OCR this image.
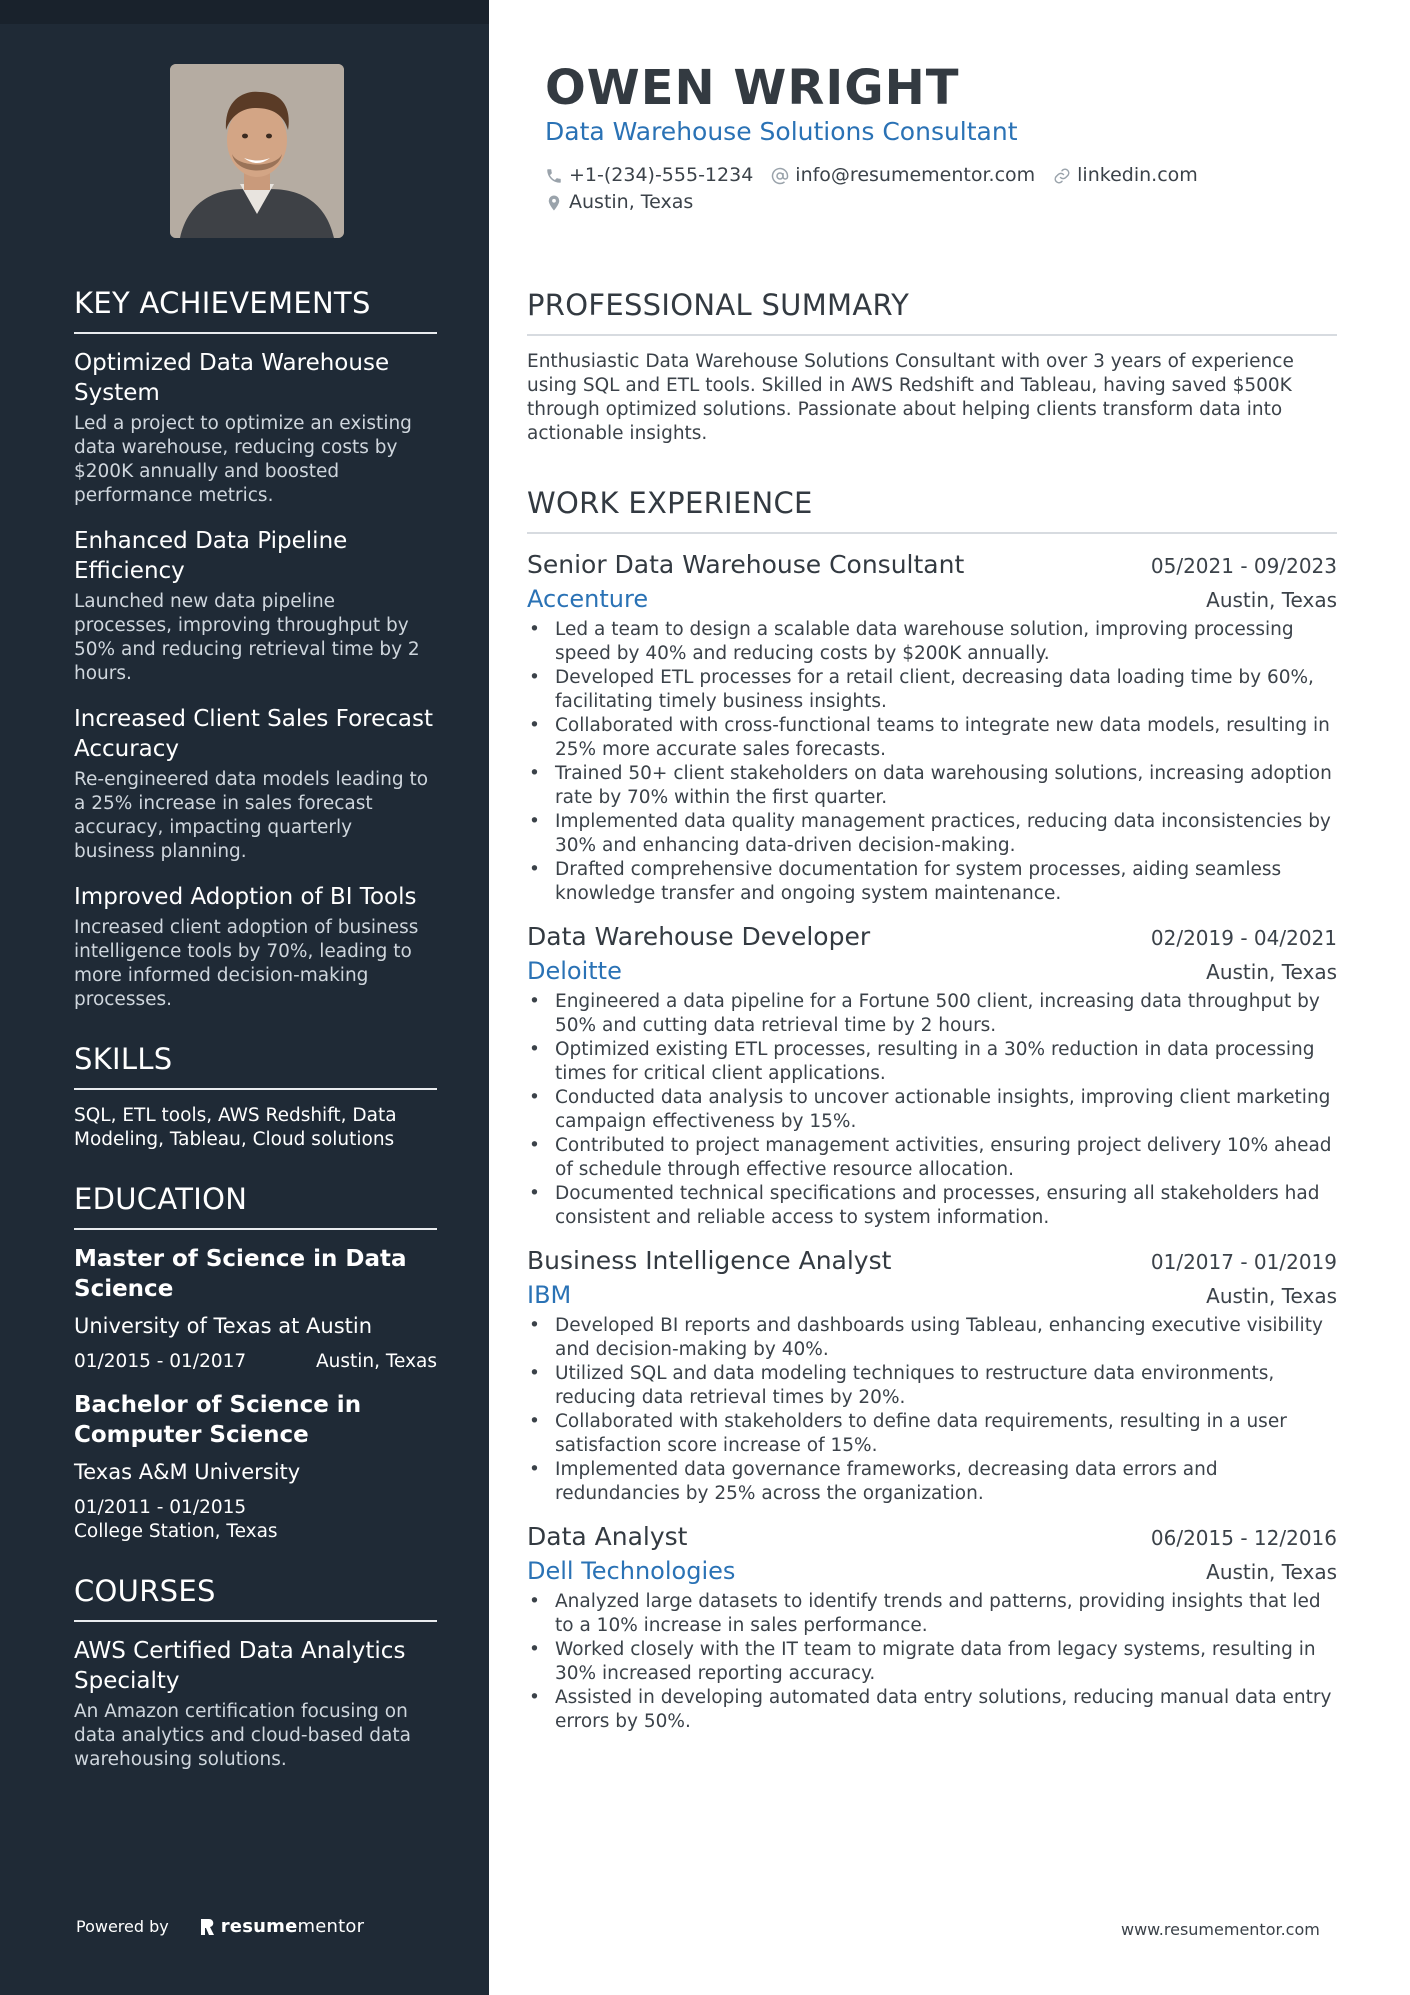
KEY ACHIEVEMENTS
Optimized Data Warehouse System
Led a project to optimize an existing data warehouse, reducing costs by $200K annually and boosted performance metrics.
Enhanced Data Pipeline Efficiency
Launched new data pipeline processes, improving throughput by 50% and reducing retrieval time by 2 hours.
Increased Client Sales Forecast Accuracy
Re-engineered data models leading to a 25% increase in sales forecast accuracy, impacting quarterly business planning.
Improved Adoption of BI Tools
Increased client adoption of business intelligence tools by 70%, leading to more informed decision-making processes.
SKILLS
SQL, ETL tools, AWS Redshift, Data Modeling, Tableau, Cloud solutions
EDUCATION
Master of Science in Data Science
University of Texas at Austin
01/2015 - 01/2017	Austin, Texas
Bachelor of Science in Computer Science
Texas A&M University
01/2011 - 01/2015
College Station, Texas
COURSES
AWS Certified Data Analytics Specialty
An Amazon certification focusing on data analytics and cloud-based data warehousing solutions.
Powered by	resume mentor
OWEN WRIGHT
Data Warehouse Solutions Consultant
+1-(234)-555-1234 info@resumementor.com linkedin.com
Austin, Texas
PROFESSIONAL SUMMARY

Enthusiastic Data Warehouse Solutions Consultant with over 3 years of experience using SQL and ETL tools. Skilled in AWS Redshift and Tableau, having saved $500K through optimized solutions. Passionate about helping clients transform data into actionable insights.

WORK EXPERIENCE
Senior Data Warehouse Consultant	05/2021 - 09/2023
Accenture	Austin, Texas
• Led a team to design a scalable data warehouse solution, improving processing speed by 40% and reducing costs by $200K annually.
• Developed ETL processes for a retail client, decreasing data loading time by 60%, facilitating timely business insights.
• Collaborated with cross-functional teams to integrate new data models, resulting in 25% more accurate sales forecasts.
• Trained 50+ client stakeholders on data warehousing solutions, increasing adoption rate by 70% within the first quarter.
• Implemented data quality management practices, reducing data inconsistencies by 30% and enhancing data-driven decision-making.
• Drafted comprehensive documentation for system processes, aiding seamless knowledge transfer and ongoing system maintenance.
Data Warehouse Developer	02/2019 - 04/2021
Deloitte	Austin, Texas
• Engineered a data pipeline for a Fortune 500 client, increasing data throughput by 50% and cutting data retrieval time by 2 hours.
• Optimized existing ETL processes, resulting in a 30% reduction in data processing times for critical client applications.
• Conducted data analysis to uncover actionable insights, improving client marketing campaign effectiveness by 15%.
• Contributed to project management activities, ensuring project delivery 10% ahead of schedule through effective resource allocation.
• Documented technical specifications and processes, ensuring all stakeholders had consistent and reliable access to system information.
Business Intelligence Analyst	01/2017 - 01/2019
IBM	Austin, Texas
• Developed BI reports and dashboards using Tableau, enhancing executive visibility and decision-making by 40%.
• Utilized SQL and data modeling techniques to restructure data environments, reducing data retrieval times by 20%.
• Collaborated with stakeholders to define data requirements, resulting in a user satisfaction score increase of 15%.
• Implemented data governance frameworks, decreasing data errors and redundancies by 25% across the organization.
Data Analyst	06/2015 - 12/2016
Dell Technologies	Austin, Texas
• Analyzed large datasets to identify trends and patterns, providing insights that led to a 10% increase in sales performance.
• Worked closely with the IT team to migrate data from legacy systems, resulting in 30% increased reporting accuracy.
• Assisted in developing automated data entry solutions, reducing manual data entry errors by 50%.
www.resumementor.com
